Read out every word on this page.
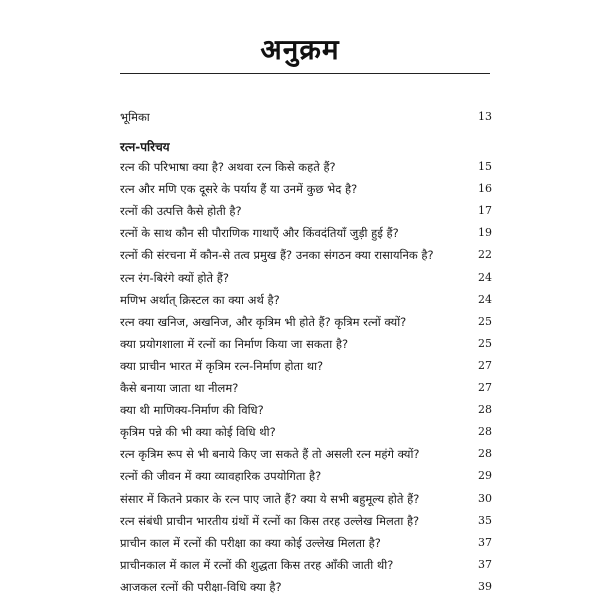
अनुक्रम
भूमिका	13
रत्न-परिचय
रत्न की परिभाषा क्या है? अथवा रत्न किसे कहते हैं?	15
रत्न और मणि एक दूसरे के पर्याय हैं या उनमें कुछ भेद है?	16
रत्नों की उत्पत्ति कैसे होती है?	17
रत्नों के साथ कौन सी पौराणिक गाथाएँ और किंवदंतियाँ जुड़ी हुई हैं?	19
रत्नों की संरचना में कौन-से तत्व प्रमुख हैं? उनका संगठन क्या रासायनिक है?	22
रत्न रंग-बिरंगे क्यों होते हैं?	24
मणिभ अर्थात् क्रिस्टल का क्या अर्थ है?	24
रत्न क्या खनिज, अखनिज, और कृत्रिम भी होते हैं? कृत्रिम रत्नों क्यों?	25
क्या प्रयोगशाला में रत्नों का निर्माण किया जा सकता है?	25
क्या प्राचीन भारत में कृत्रिम रत्न-निर्माण होता था?	27
कैसे बनाया जाता था नीलम?	27
क्या थी माणिक्य-निर्माण की विधि?	28
कृत्रिम पन्ने की भी क्या कोई विधि थी?	28
रत्न कृत्रिम रूप से भी बनाये किए जा सकते हैं तो असली रत्न महंगे क्यों?	28
रत्नों की जीवन में क्या व्यावहारिक उपयोगिता है?	29
संसार में कितने प्रकार के रत्न पाए जाते हैं? क्या ये सभी बहुमूल्य होते हैं?	30
रत्न संबंधी प्राचीन भारतीय ग्रंथों में रत्नों का किस तरह उल्लेख मिलता है?	35
प्राचीन काल में रत्नों की परीक्षा का क्या कोई उल्लेख मिलता है?	37
प्राचीनकाल में काल में रत्नों की शुद्धता किस तरह आँकी जाती थी?	37
आजकल रत्नों की परीक्षा-विधि क्या है?	39
